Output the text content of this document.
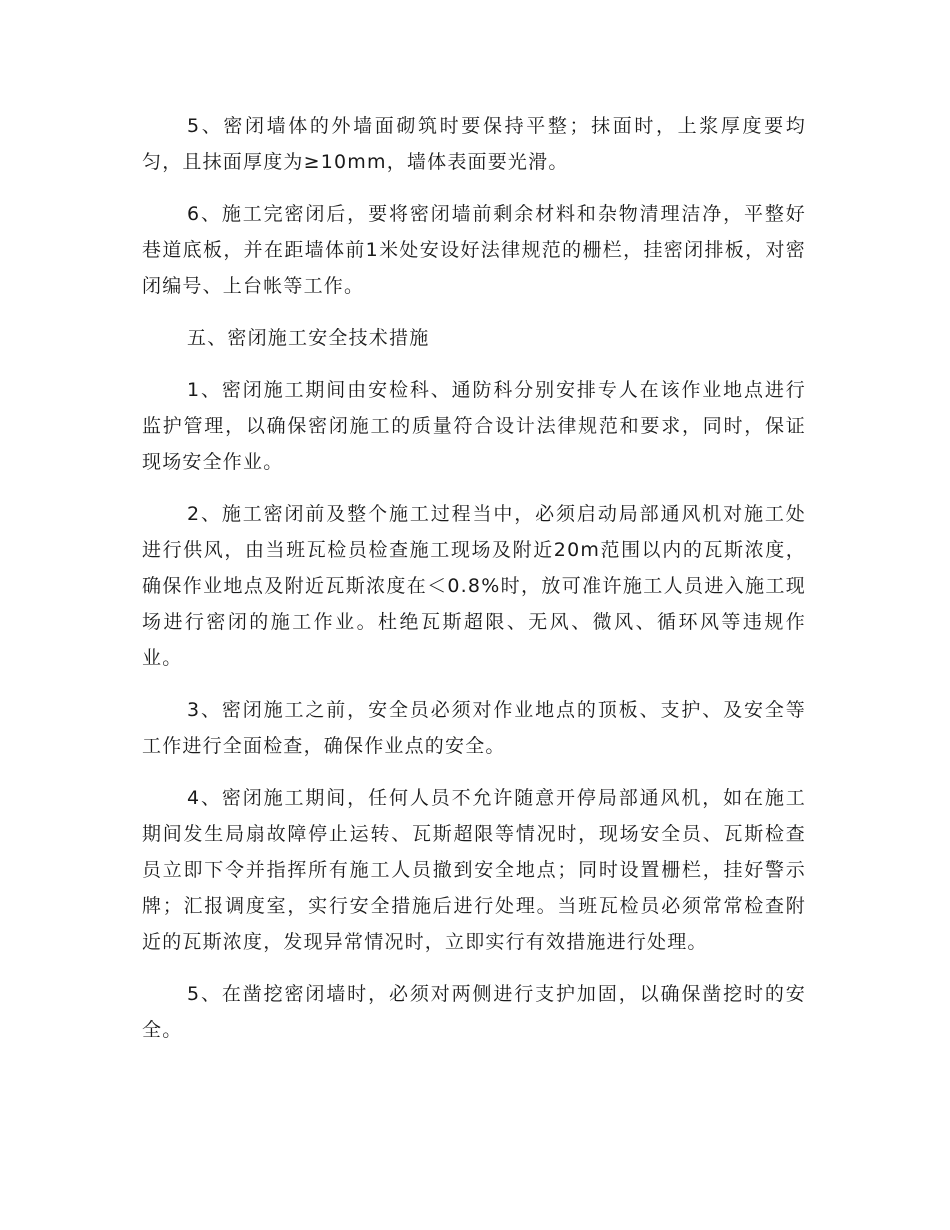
5、密闭墙体的外墙面砌筑时要保持平整；抹面时，上浆厚度要均匀，且抹面厚度为≥10mm，墙体表面要光滑。

6、施工完密闭后，要将密闭墙前剩余材料和杂物清理洁净，平整好巷道底板，并在距墙体前1米处安设好法律规范的栅栏，挂密闭排板，对密闭编号、上台帐等工作。

五、密闭施工安全技术措施

1、密闭施工期间由安检科、通防科分别安排专人在该作业地点进行监护管理，以确保密闭施工的质量符合设计法律规范和要求，同时，保证现场安全作业。

2、施工密闭前及整个施工过程当中，必须启动局部通风机对施工处进行供风，由当班瓦检员检查施工现场及附近20m范围以内的瓦斯浓度，确保作业地点及附近瓦斯浓度在＜0.8%时，放可准许施工人员进入施工现场进行密闭的施工作业。杜绝瓦斯超限、无风、微风、循环风等违规作业。

3、密闭施工之前，安全员必须对作业地点的顶板、支护、及安全等工作进行全面检查，确保作业点的安全。

4、密闭施工期间，任何人员不允许随意开停局部通风机，如在施工期间发生局扇故障停止运转、瓦斯超限等情况时，现场安全员、瓦斯检查员立即下令并指挥所有施工人员撤到安全地点；同时设置栅栏，挂好警示牌；汇报调度室，实行安全措施后进行处理。当班瓦检员必须常常检查附近的瓦斯浓度，发现异常情况时，立即实行有效措施进行处理。

5、在凿挖密闭墙时，必须对两侧进行支护加固，以确保凿挖时的安全。
